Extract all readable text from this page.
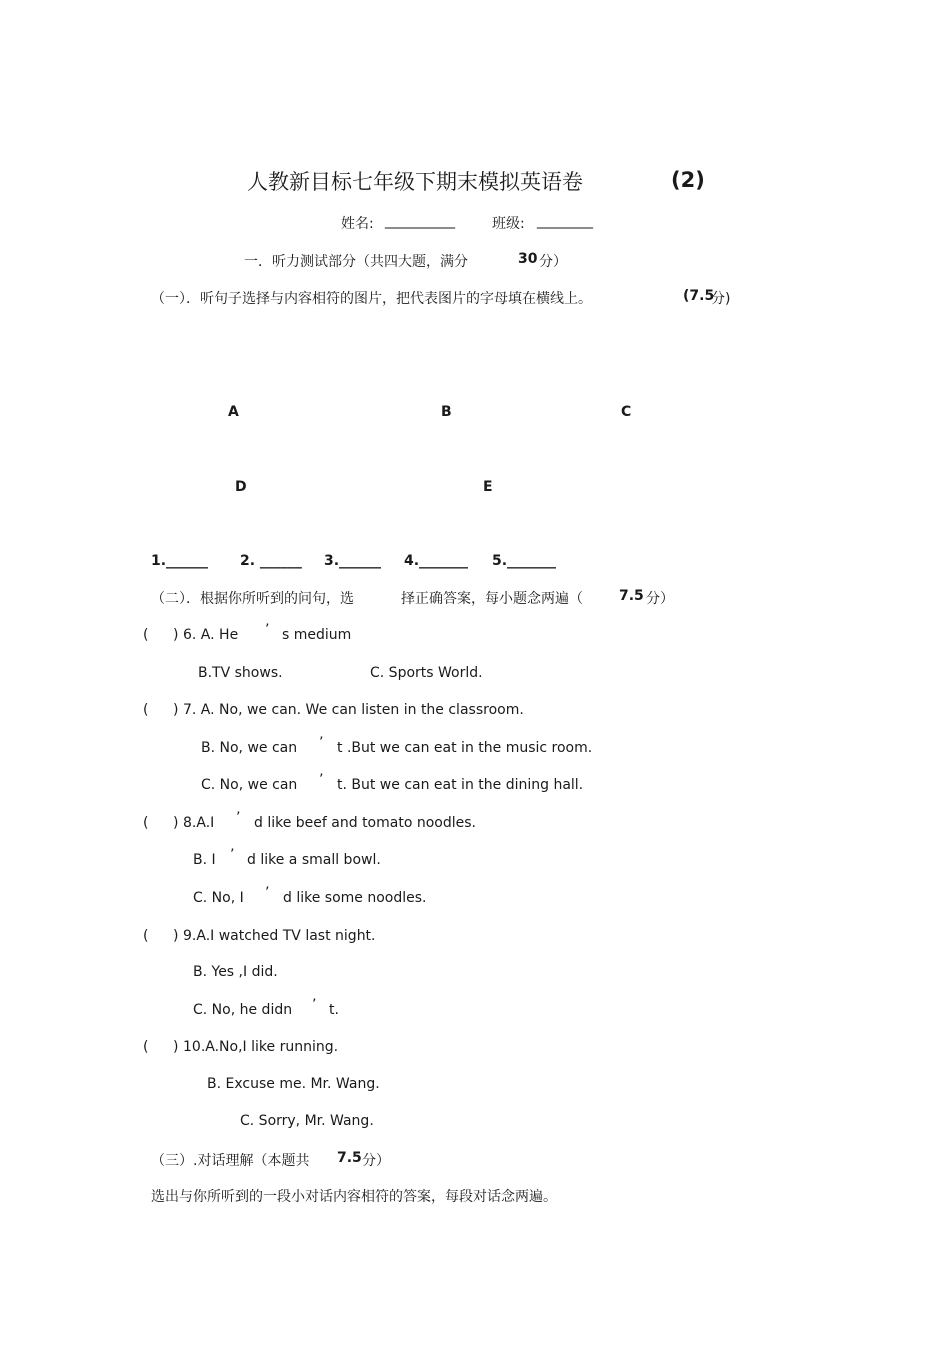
人教新目标七年级下期末模拟英语卷	(2)
姓名: __________	班级: ________
一．听力测试部分（共四大题，满分	30 分）
（一）．听句子选择与内容相符的图片，把代表图片的字母填在横线上。	(7.5
分)
A	B	C
D	E
1.______ 2. ______ 3.______ 4._______ 5._______
（二）．根据你所听到的问句，选	择正确答案，每小题念两遍（	7.5 分）
( ) 6. A. He ’ s medium
B.TV shows.	C. Sports World.
( ) 7. A. No, we can. We can listen in the classroom.
B. No, we can ’ t .But we can eat in the music room.
C. No, we can ’ t. But we can eat in the dining hall.
( ) 8.A.I ’ d like beef and tomato noodles.
B. I ’ d like a small bowl.
C. No, I ’ d like some noodles.
( ) 9.A.I watched TV last night.
B. Yes ,I did.
C. No, he didn ’ t.
( ) 10.A.No,I like running.
B. Excuse me. Mr. Wang.
C. Sorry, Mr. Wang.
（三） .对话理解（本题共 7.5 分）
选出与你所听到的一段小对话内容相符的答案，每段对话念两遍。
